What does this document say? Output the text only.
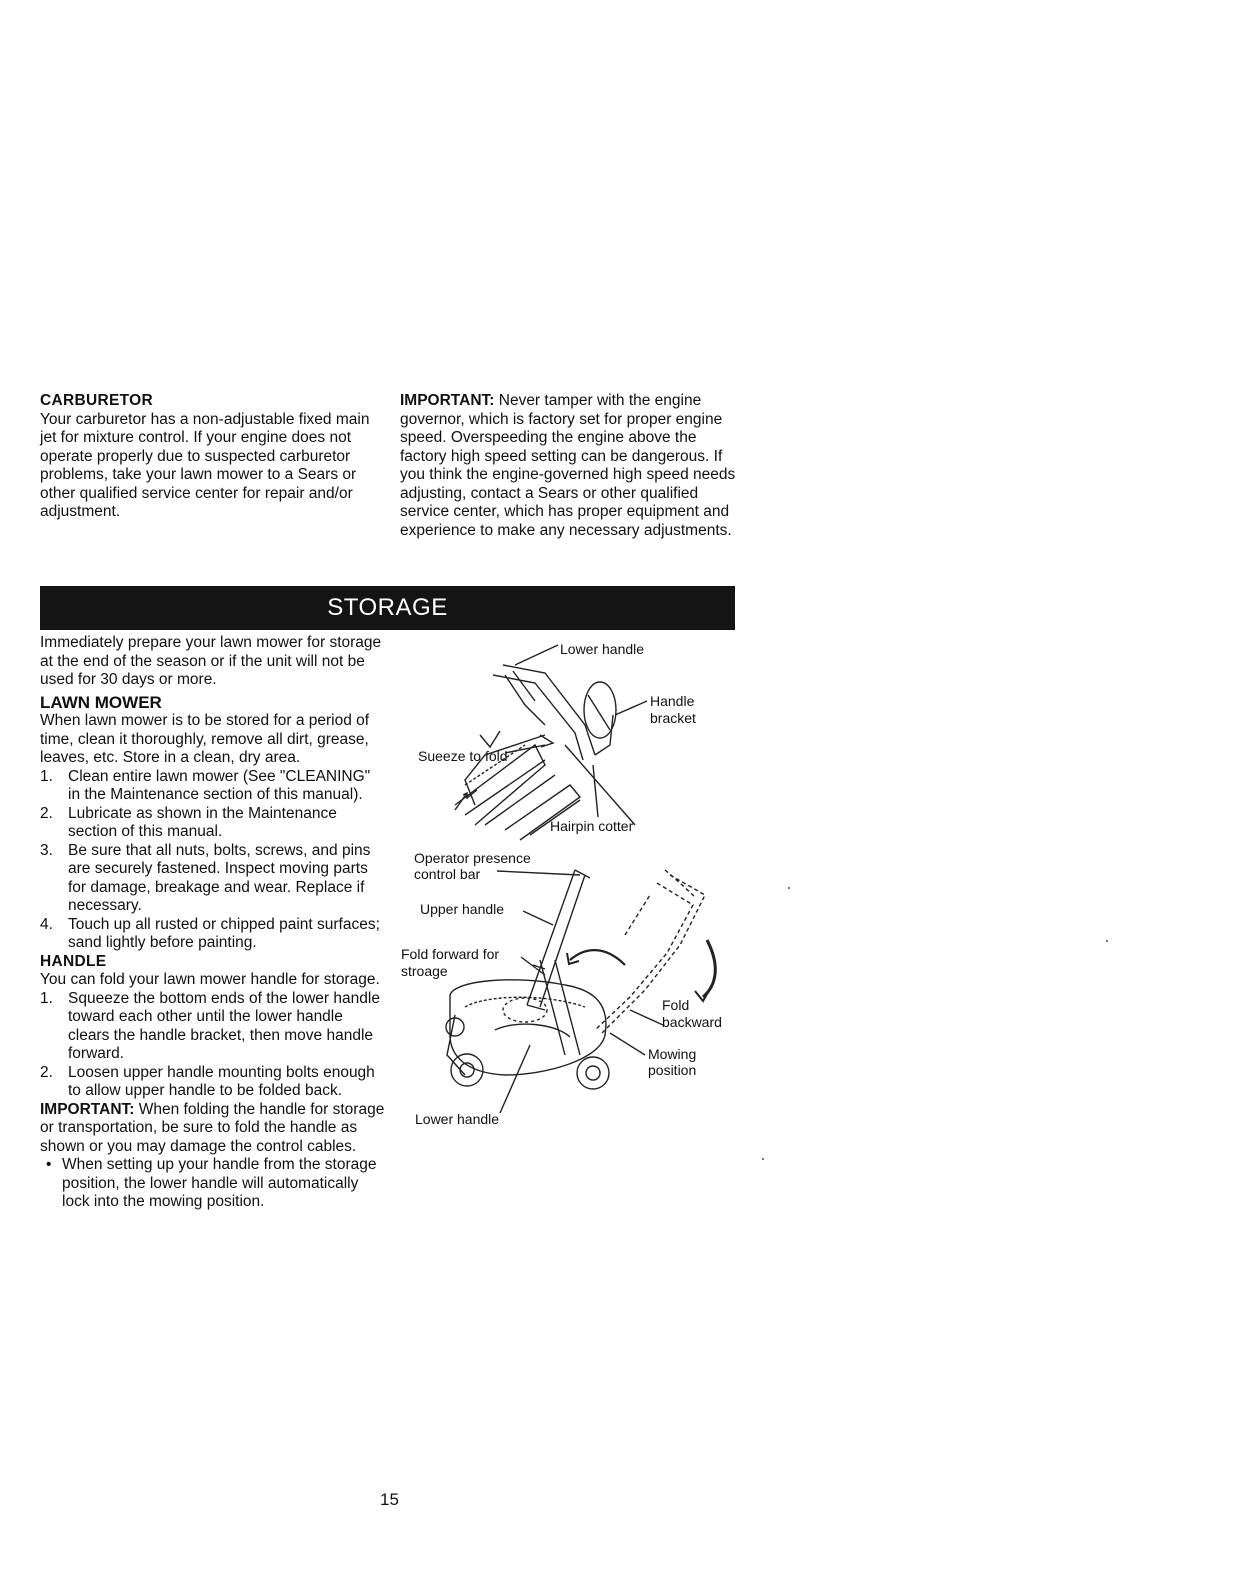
CARBURETOR

Your carburetor has a non-adjustable fixed main jet for mixture control. If your engine does not operate properly due to suspected carburetor problems, take your lawn mower to a Sears or other qualified service center for repair and/or adjustment.

IMPORTANT: Never tamper with the engine governor, which is factory set for proper engine speed. Overspeeding the engine above the factory high speed setting can be dangerous. If you think the engine-governed high speed needs adjusting, contact a Sears or other qualified service center, which has proper equipment and experience to make any necessary adjustments.

STORAGE

Immediately prepare your lawn mower for storage at the end of the season or if the unit will not be used for 30 days or more.

LAWN MOWER

When lawn mower is to be stored for a period of time, clean it thoroughly, remove all dirt, grease, leaves, etc. Store in a clean, dry area.

1. Clean entire lawn mower (See "CLEANING" in the Maintenance section of this manual).
2. Lubricate as shown in the Maintenance section of this manual.
3. Be sure that all nuts, bolts, screws, and pins are securely fastened. Inspect moving parts for damage, breakage and wear. Replace if necessary.
4. Touch up all rusted or chipped paint surfaces; sand lightly before painting.
HANDLE

You can fold your lawn mower handle for storage.

1. Squeeze the bottom ends of the lower handle toward each other until the lower handle clears the handle bracket, then move handle forward.
2. Loosen upper handle mounting bolts enough to allow upper handle to be folded back.

IMPORTANT: When folding the handle for storage or transportation, be sure to fold the handle as shown or you may damage the control cables.

• When setting up your handle from the storage position, the lower handle will automatically lock into the mowing position.
Lower handle
Handle
bracket
Sueeze to fold
Hairpin cotter
Operator presence
control bar
Upper handle
Fold forward for
stroage
Fold
backward
Mowing
position
Lower handle
15
